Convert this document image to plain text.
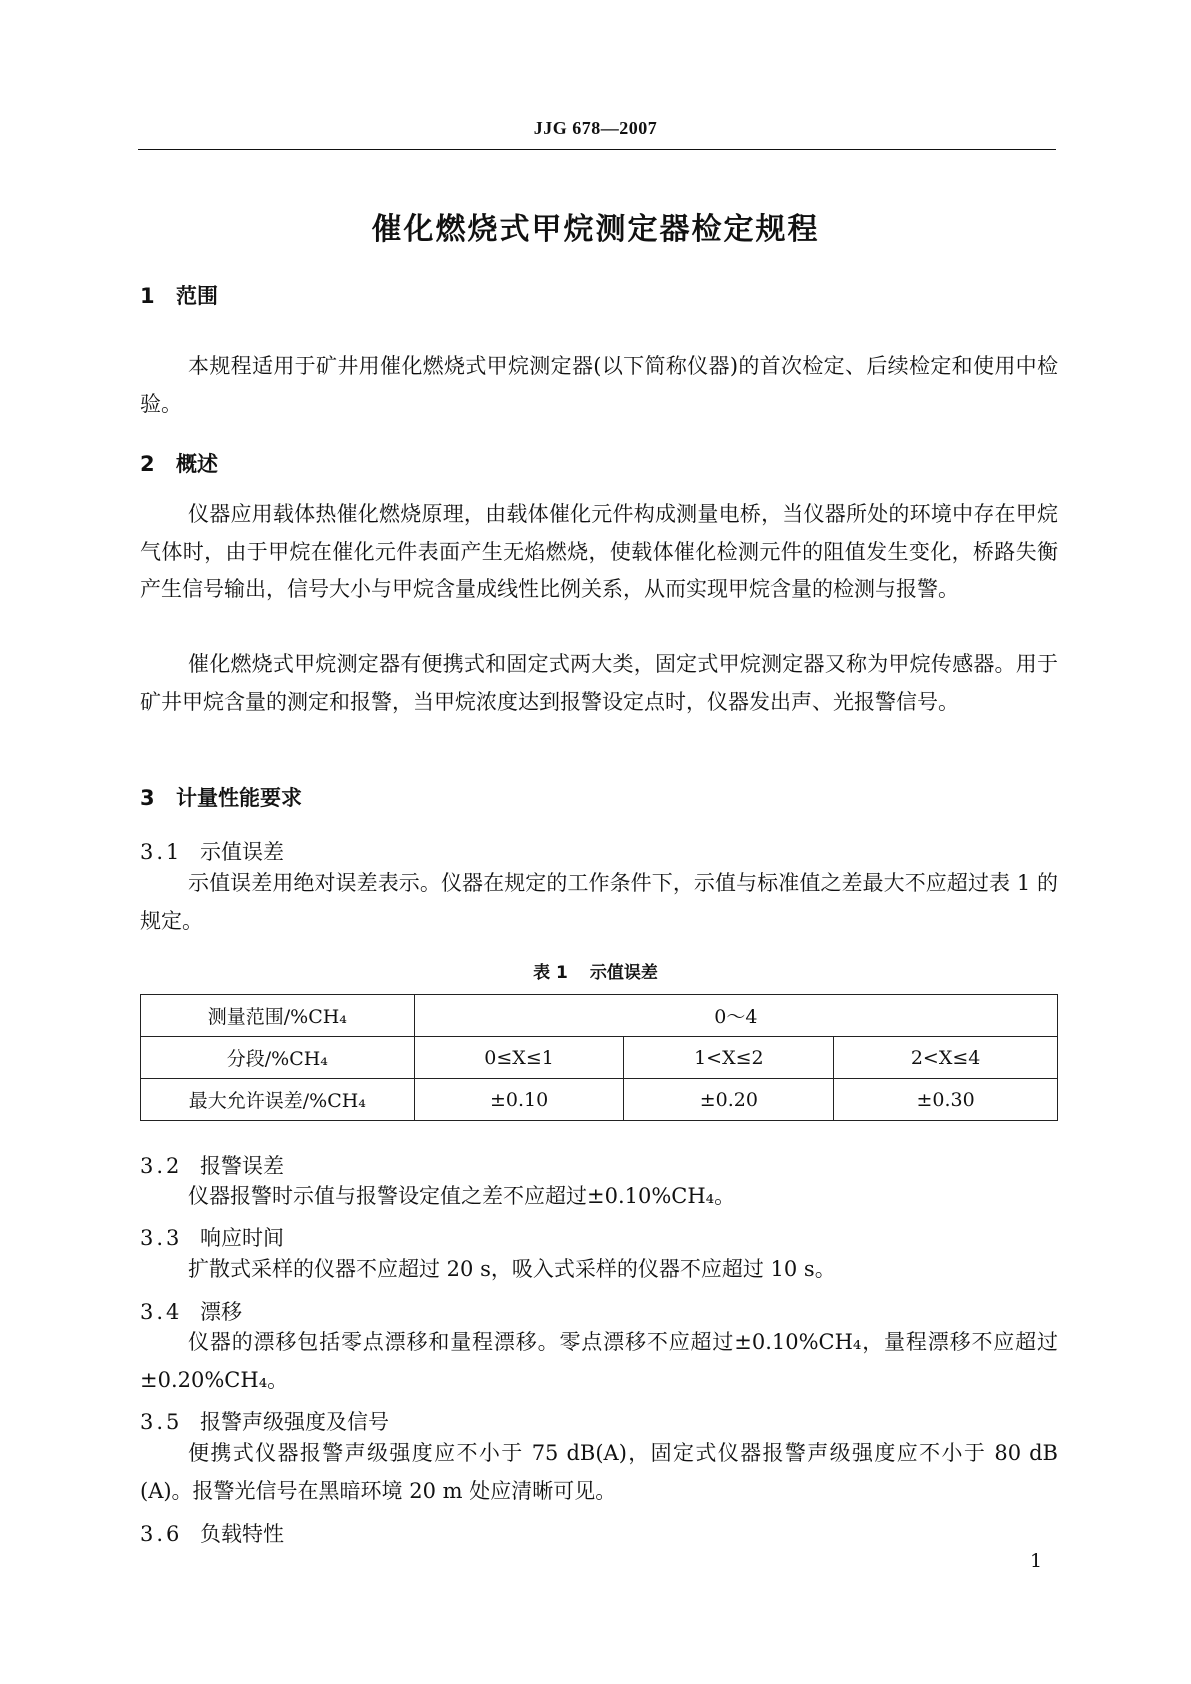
JJG 678—2007
催化燃烧式甲烷测定器检定规程
1 范围
本规程适用于矿井用催化燃烧式甲烷测定器(以下简称仪器)的首次检定、后续检定和使用中检验。
2 概述
仪器应用载体热催化燃烧原理，由载体催化元件构成测量电桥，当仪器所处的环境中存在甲烷气体时，由于甲烷在催化元件表面产生无焰燃烧，使载体催化检测元件的阻值发生变化，桥路失衡产生信号输出，信号大小与甲烷含量成线性比例关系，从而实现甲烷含量的检测与报警。
催化燃烧式甲烷测定器有便携式和固定式两大类，固定式甲烷测定器又称为甲烷传感器。用于矿井甲烷含量的测定和报警，当甲烷浓度达到报警设定点时，仪器发出声、光报警信号。
3 计量性能要求
3.1 示值误差
示值误差用绝对误差表示。仪器在规定的工作条件下，示值与标准值之差最大不应超过表 1 的规定。
表 1 示值误差
测量范围/%CH₄	0～4		
分段/%CH₄	0≤X≤1	1<X≤2	2<X≤4
最大允许误差/%CH₄	±0.10	±0.20	±0.30
3.2 报警误差
仪器报警时示值与报警设定值之差不应超过±0.10%CH₄。
3.3 响应时间
扩散式采样的仪器不应超过 20 s，吸入式采样的仪器不应超过 10 s。
3.4 漂移
仪器的漂移包括零点漂移和量程漂移。零点漂移不应超过±0.10%CH₄，量程漂移不应超过±0.20%CH₄。
3.5 报警声级强度及信号
便携式仪器报警声级强度应不小于 75 dB(A)，固定式仪器报警声级强度应不小于 80 dB (A)。报警光信号在黑暗环境 20 m 处应清晰可见。
3.6 负载特性
1
